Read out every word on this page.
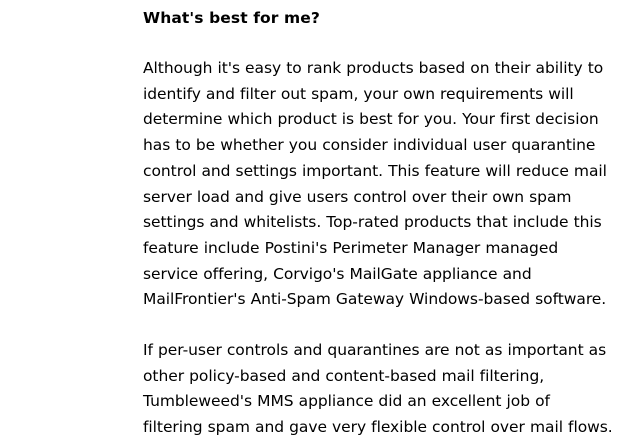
What's best for me?

Although it's easy to rank products based on their ability to identify and filter out spam, your own requirements will determine which product is best for you. Your first decision has to be whether you consider individual user quarantine control and settings important. This feature will reduce mail server load and give users control over their own spam settings and whitelists. Top-rated products that include this feature include Postini's Perimeter Manager managed service offering, Corvigo's MailGate appliance and MailFrontier's Anti-Spam Gateway Windows-based software.

If per-user controls and quarantines are not as important as other policy-based and content-based mail filtering, Tumbleweed's MMS appliance did an excellent job of filtering spam and gave very flexible control over mail flows.
